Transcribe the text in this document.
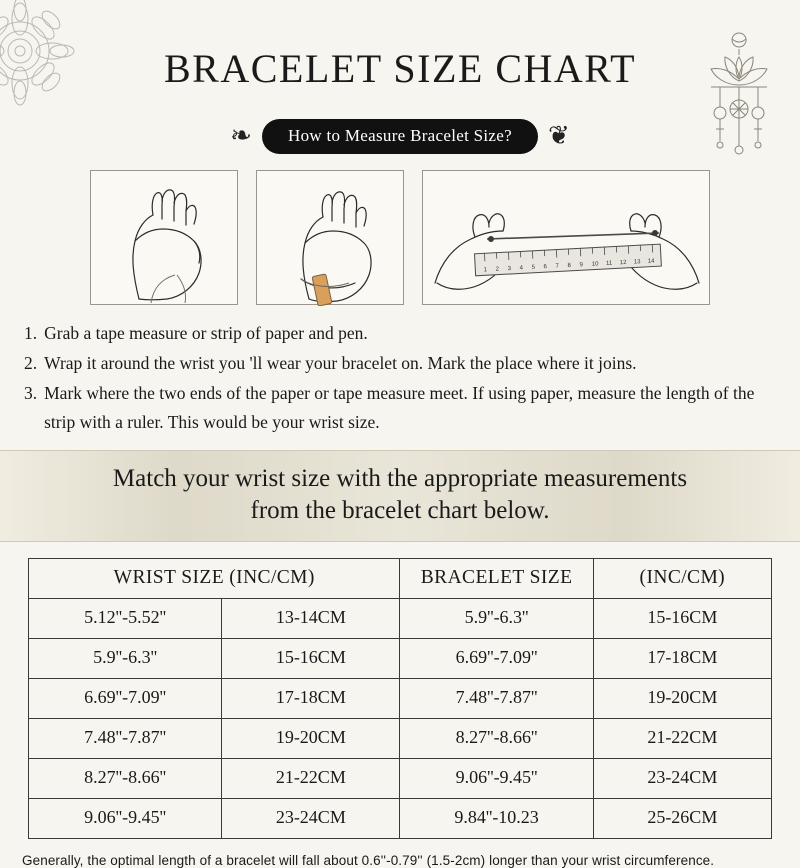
BRACELET SIZE CHART
❧	How to Measure Bracelet Size?	❦
1 2 3 4 5 6 7 8 9 10 11 12 13 14
1. Grab a tape measure or strip of paper and pen.
2. Wrap it around the wrist you 'll wear your bracelet on. Mark the place where it joins.
3. Mark where the two ends of the paper or tape measure meet. If using paper, measure the length of the strip with a ruler. This would be your wrist size.
Match your wrist size with the appropriate measurements
from the bracelet chart below.
WRIST SIZE (INC/CM)		BRACELET SIZE	(INC/CM)
5.12''-5.52''	13-14CM	5.9''-6.3''	15-16CM
5.9''-6.3''	15-16CM	6.69''-7.09''	17-18CM
6.69''-7.09''	17-18CM	7.48''-7.87''	19-20CM
7.48''-7.87''	19-20CM	8.27''-8.66''	21-22CM
8.27''-8.66''	21-22CM	9.06''-9.45''	23-24CM
9.06''-9.45''	23-24CM	9.84''-10.23	25-26CM
Generally, the optimal length of a bracelet will fall about 0.6''-0.79'' (1.5-2cm) longer than your wrist circumference.
